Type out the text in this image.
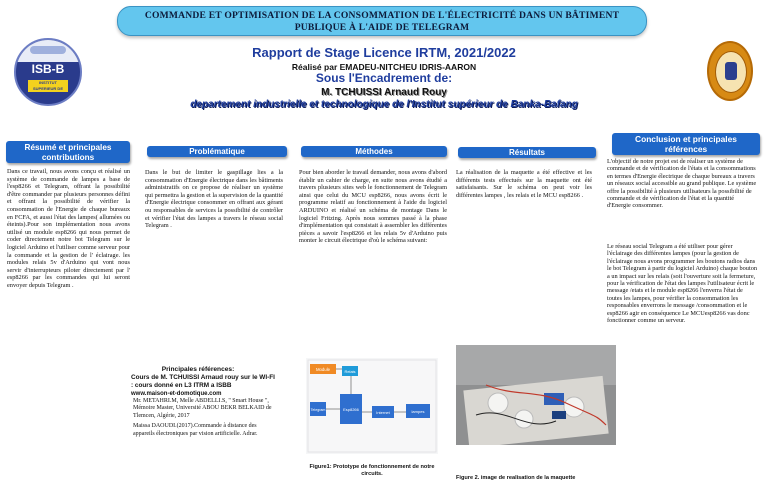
COMMANDE ET OPTIMISATION DE LA CONSOMMATION DE L'ÉLECTRICITÉ DANS UN BÂTIMENT
PUBLIQUE À L'AIDE DE TELEGRAM
ISB-B
INSTITUT SUPERIEUR DE BANKA-BAFANG
Rapport de Stage Licence IRTM, 2021/2022
Réalisé par EMADEU-NITCHEU IDRIS-AARON
Sous l'Encadrement de:
M. TCHUISSI Arnaud Rouy
departement industrielle et technologique de l'Institut supérieur de Banka-Bafang
Résumé et principales contributions
Dans ce travail, nous avons conçu et réalisé un système de commande de lampes a base de l'esp8266 et Telegram, offrant la possibilité d'être commander par plusieurs personnes défini et offrant la possibilité de vérifier la consommation de l'Energie de chaque bureaux en FCFA, et aussi l'état des lampes( allumées ou éteints).Pour son implémentation nous avons utilisé un module esp8266 qui nous permet de coder directement notre bot Telegram sur le logiciel Arduino et l'utiliser comme serveur pour la commande et la gestion de l' éclairage. les modules relais 5v d'Arduino qui vont nous servir d'interrupteurs piloter directement par l' esp8266 par les commandes qui lui seront envoyer depuis Telegram .
Problématique
Dans le but de limiter le gaspillage lies a la consommation d'Energie électrique dans les bâtiments administratifs on ce propose de réaliser un système qui permettra la gestion et la supervision de la quantité d'Energie électrique consommer en offrant aux gérant ou responsables de services la possibilité de contrôler et vérifier l'état des lampes a travers le réseau social Telegram .
Méthodes
Pour bien aborder le travail demander, nous avons d'abord établir un cahier de charge, en suite nous avons étudié a travers plusieurs sites web le fonctionnement de Telegram ainsi que celui du MCU esp8266, nous avons écrit le programme relatif au fonctionnement à l'aide du logiciel ARDUINO et réalisé un schéma de montage Dans le logiciel Fritzing. Après nous sommes passé à la phase d'implémentation qui consistait à assembler les différentes pièces a savoir l'esp8266 et les relais 5v d'Arduino puis monter le circuit électrique d'où le schéma suivant:
Résultats
La réalisation de la maquette a été effective et les différents tests effectués sur la maquette ont été satisfaisants. Sur le schéma on peut voir les différentes lampes , les relais et le MCU esp8266 .
Conclusion et principales références
L'objectif de notre projet est de réaliser un système de commande et de vérification de l'états et la consommations en termes d'Energie électrique de chaque bureaux a travers un réseaux social accessible au grand publique. Le système offre la possibilité à plusieurs utilisateurs la possibilité de commande et de vérification de l'état et la quantité d'Energie consommer.
Le réseau social Telegram a été utiliser pour gérer l'éclairage des différentes lampes (pour la gestion de l'éclairage nous avons programmer les boutons radios dans le bot Telegram à partir du logiciel Arduino) chaque bouton a un impact sur les relais (soit l'ouverture soit la fermeture, pour la vérification de l'état des lampes l'utilisateur écrit le message /etats et le module esp8266 l'enverra l'état de toutes les lampes, pour vérifier la consommation les responsables enverrons le message /consommation et le esp8266 agir en conséquence Le MCUesp8266 vas donc fonctionner comme un serveur.
Principales références:
Cours de M. TCHUISSI Arnaud rouy sur le WI-FI : cours donné en L3 ITRM a ISBB
www.maison-et-domotique.com
Mr. METAHRI.M, Melle ABDELLI.S, " Smart House ", Mémoire Master, Université ABOU BEKR BELKAID de Tlemcen, Algérie, 2017
Maissa DAOUDI.(2017).Commande à distance des appareils électroniques par vision artificielle. Adrar.
Module
Telegram	Esp8266
Relais
Internet	lampes
Figure1: Prototype de fonctionnement de notre circuits.
Figure 2. image de realisation de la maquette
